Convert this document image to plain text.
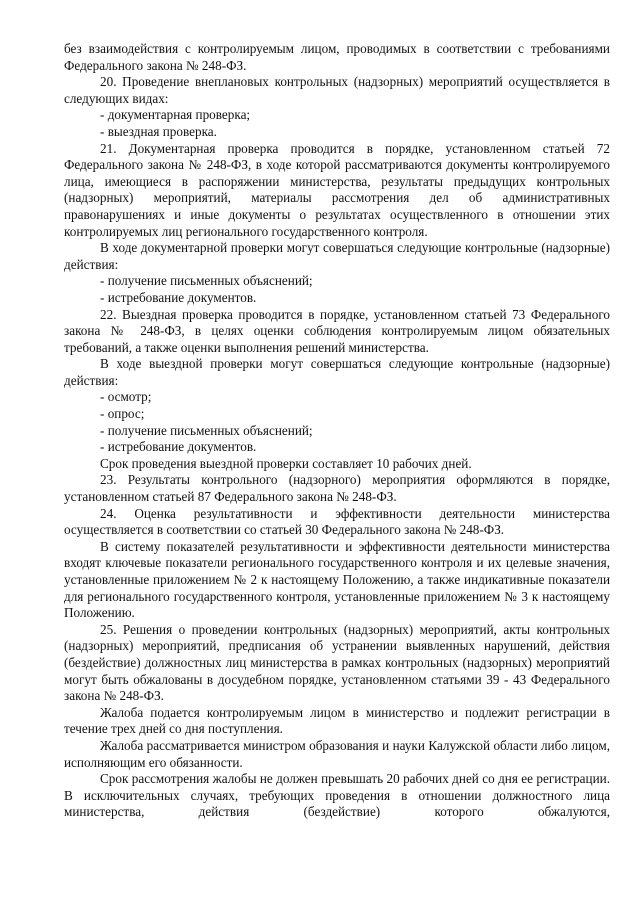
без взаимодействия с контролируемым лицом, проводимых в соответствии с требованиями Федерального закона № 248-ФЗ.

20. Проведение внеплановых контрольных (надзорных) мероприятий осуществляется в следующих видах:

- документарная проверка;

- выездная проверка.

21. Документарная проверка проводится в порядке, установленном статьей 72 Федерального закона № 248-ФЗ, в ходе которой рассматриваются документы контролируемого лица, имеющиеся в распоряжении министерства, результаты предыдущих контрольных (надзорных) мероприятий, материалы рассмотрения дел об административных правонарушениях и иные документы о результатах осуществленного в отношении этих контролируемых лиц регионального государственного контроля.

В ходе документарной проверки могут совершаться следующие контрольные (надзорные) действия:

- получение письменных объяснений;

- истребование документов.

22. Выездная проверка проводится в порядке, установленном статьей 73 Федерального закона № 248-ФЗ, в целях оценки соблюдения контролируемым лицом обязательных требований, а также оценки выполнения решений министерства.

В ходе выездной проверки могут совершаться следующие контрольные (надзорные) действия:

- осмотр;

- опрос;

- получение письменных объяснений;

- истребование документов.

Срок проведения выездной проверки составляет 10 рабочих дней.

23. Результаты контрольного (надзорного) мероприятия оформляются в порядке, установленном статьей 87 Федерального закона № 248-ФЗ.

24. Оценка результативности и эффективности деятельности министерства осуществляется в соответствии со статьей 30 Федерального закона № 248-ФЗ.

В систему показателей результативности и эффективности деятельности министерства входят ключевые показатели регионального государственного контроля и их целевые значения, установленные приложением № 2 к настоящему Положению, а также индикативные показатели для регионального государственного контроля, установленные приложением № 3 к настоящему Положению.

25. Решения о проведении контрольных (надзорных) мероприятий, акты контрольных (надзорных) мероприятий, предписания об устранении выявленных нарушений, действия (бездействие) должностных лиц министерства в рамках контрольных (надзорных) мероприятий могут быть обжалованы в досудебном порядке, установленном статьями 39 - 43 Федерального закона № 248-ФЗ.

Жалоба подается контролируемым лицом в министерство и подлежит регистрации в течение трех дней со дня поступления.

Жалоба рассматривается министром образования и науки Калужской области либо лицом, исполняющим его обязанности.

Срок рассмотрения жалобы не должен превышать 20 рабочих дней со дня ее регистрации. В исключительных случаях, требующих проведения в отношении должностного лица министерства, действия (бездействие) которого обжалуются,
